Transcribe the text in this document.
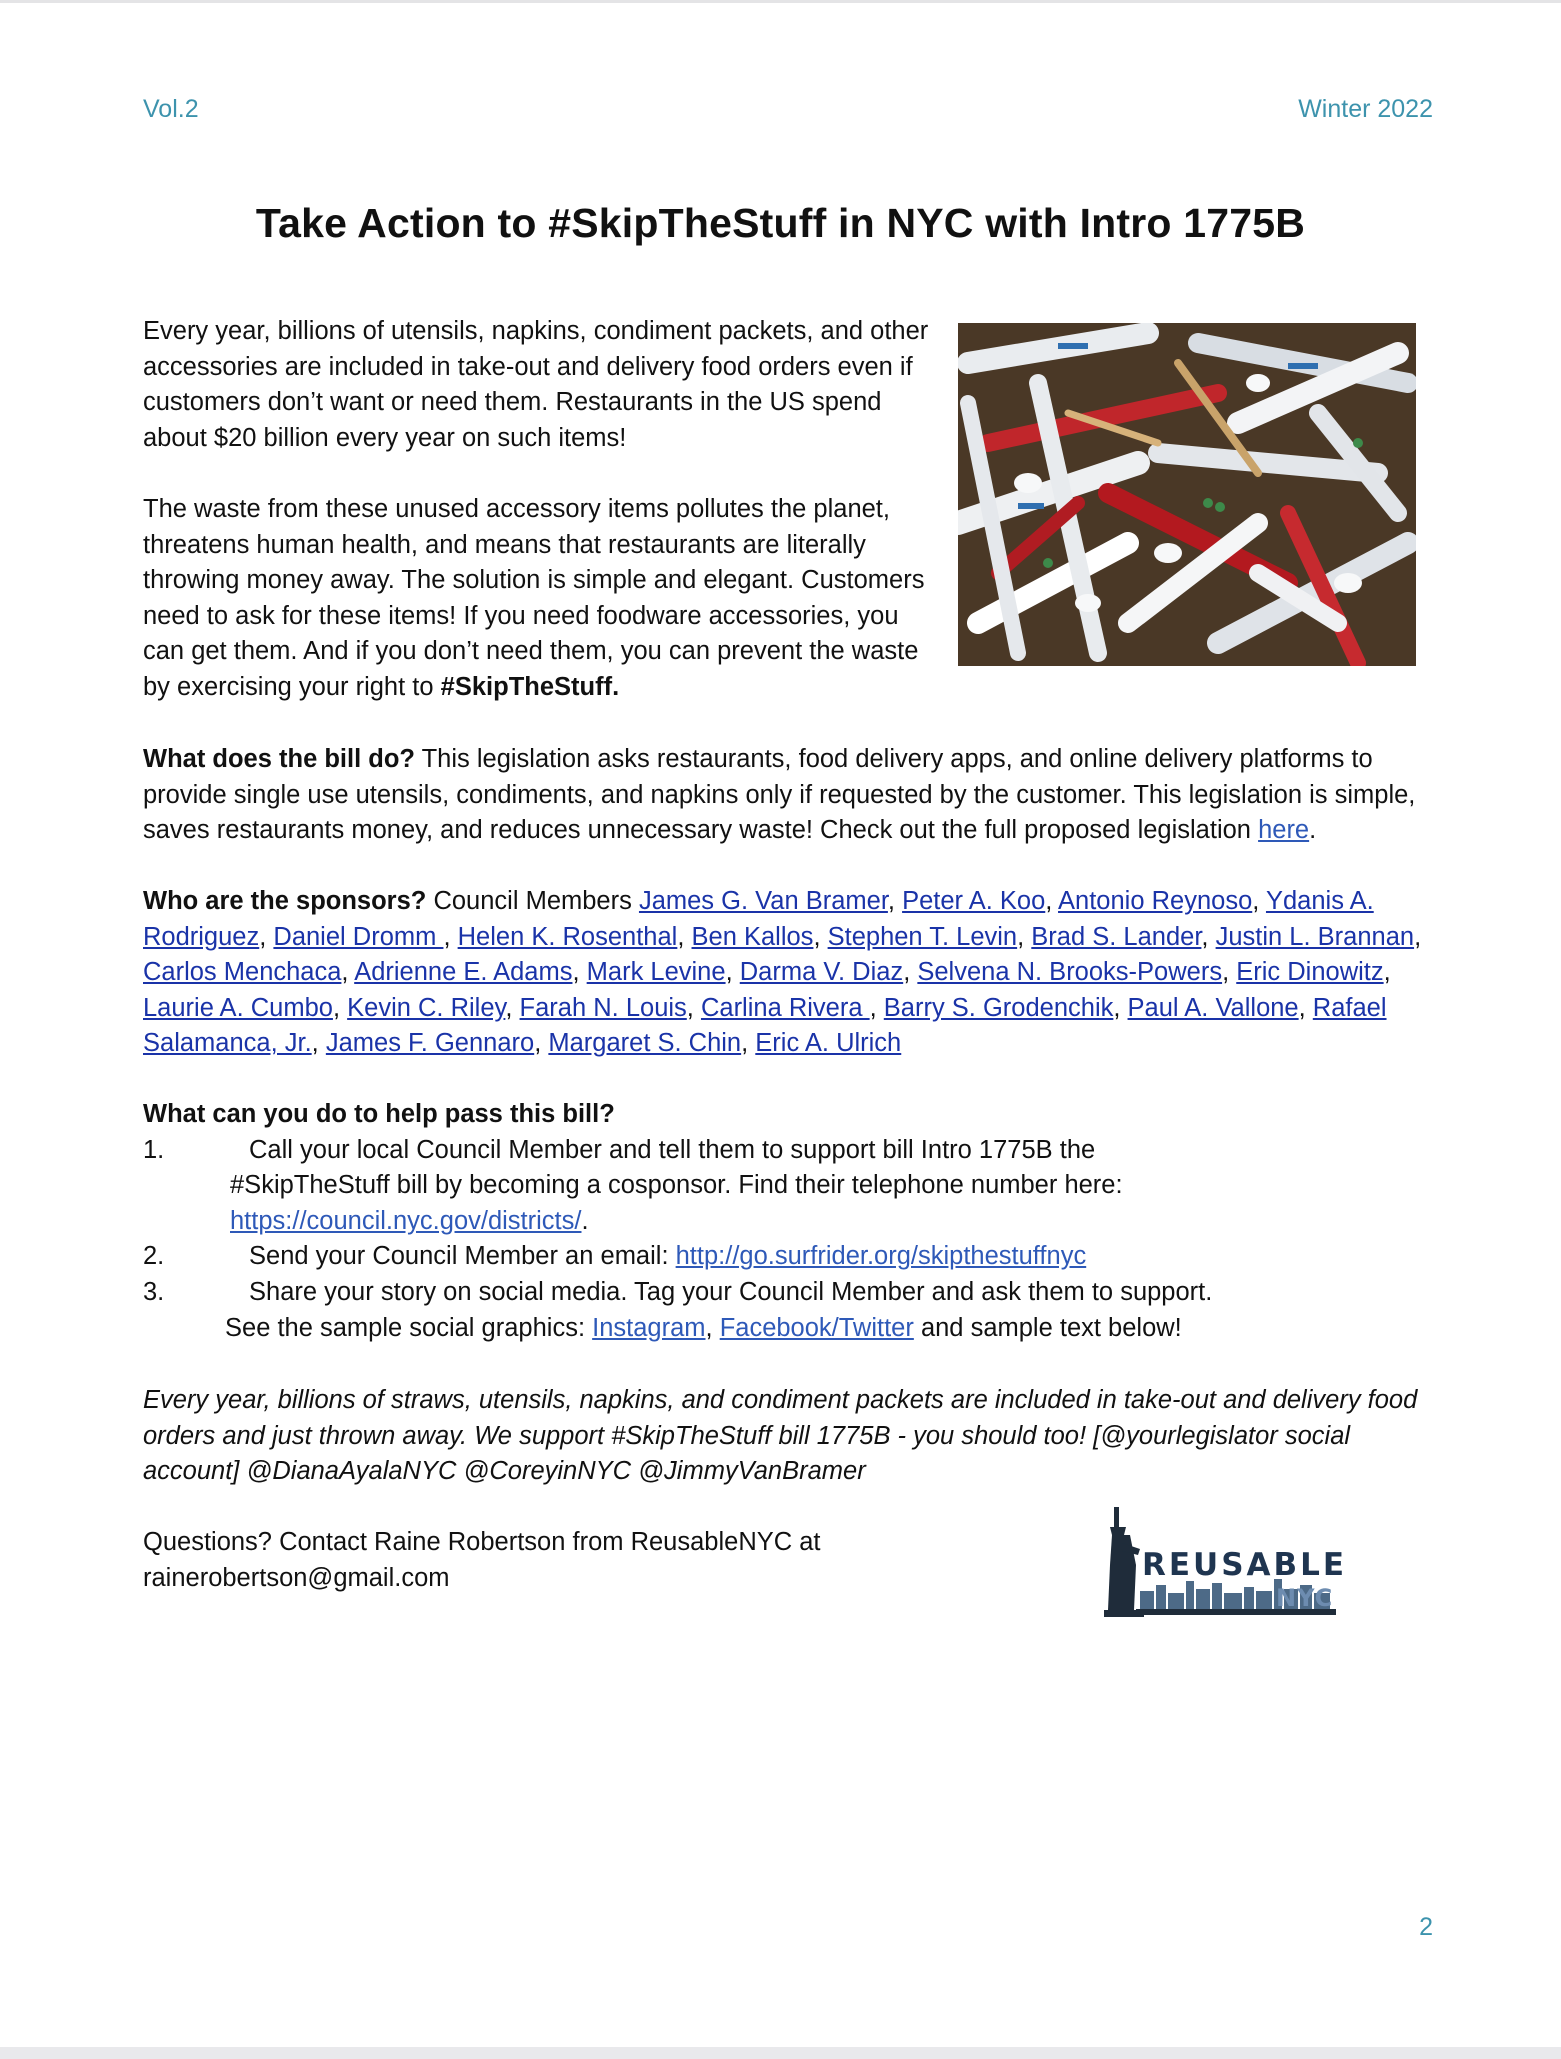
Vol.2	Winter 2022
Take Action to #SkipTheStuff in NYC with Intro 1775B

Every year, billions of utensils, napkins, condiment packets, and other accessories are included in take-out and delivery food orders even if customers don’t want or need them. Restaurants in the US spend about $20 billion every year on such items!

The waste from these unused accessory items pollutes the planet, threatens human health, and means that restaurants are literally throwing money away. The solution is simple and elegant. Customers need to ask for these items! If you need foodware accessories, you can get them. And if you don’t need them, you can prevent the waste by exercising your right to #SkipTheStuff.

What does the bill do? This legislation asks restaurants, food delivery apps, and online delivery platforms to provide single use utensils, condiments, and napkins only if requested by the customer. This legislation is simple, saves restaurants money, and reduces unnecessary waste! Check out the full proposed legislation here.

Who are the sponsors? Council Members James G. Van Bramer, Peter A. Koo, Antonio Reynoso, Ydanis A. Rodriguez, Daniel Dromm , Helen K. Rosenthal, Ben Kallos, Stephen T. Levin, Brad S. Lander, Justin L. Brannan, Carlos Menchaca, Adrienne E. Adams, Mark Levine, Darma V. Diaz, Selvena N. Brooks-Powers, Eric Dinowitz, Laurie A. Cumbo, Kevin C. Riley, Farah N. Louis, Carlina Rivera , Barry S. Grodenchik, Paul A. Vallone, Rafael Salamanca, Jr., James F. Gennaro, Margaret S. Chin, Eric A. Ulrich

What can you do to help pass this bill?

1.	Call your local Council Member and tell them to support bill Intro 1775B the
#SkipTheStuff bill by becoming a cosponsor. Find their telephone number here:
https://council.nyc.gov/districts/.
2.	Send your Council Member an email: http://go.surfrider.org/skipthestuffnyc
3.	Share your story on social media. Tag your Council Member and ask them to support.
See the sample social graphics: Instagram, Facebook/Twitter and sample text below!

Every year, billions of straws, utensils, napkins, and condiment packets are included in take-out and delivery food orders and just thrown away. We support #SkipTheStuff bill 1775B - you should too! [@yourlegislator social account] @DianaAyalaNYC @CoreyinNYC @JimmyVanBramer

Questions? Contact Raine Robertson from ReusableNYC at
rainerobertson@gmail.com	REUSABLE
NYC
2
